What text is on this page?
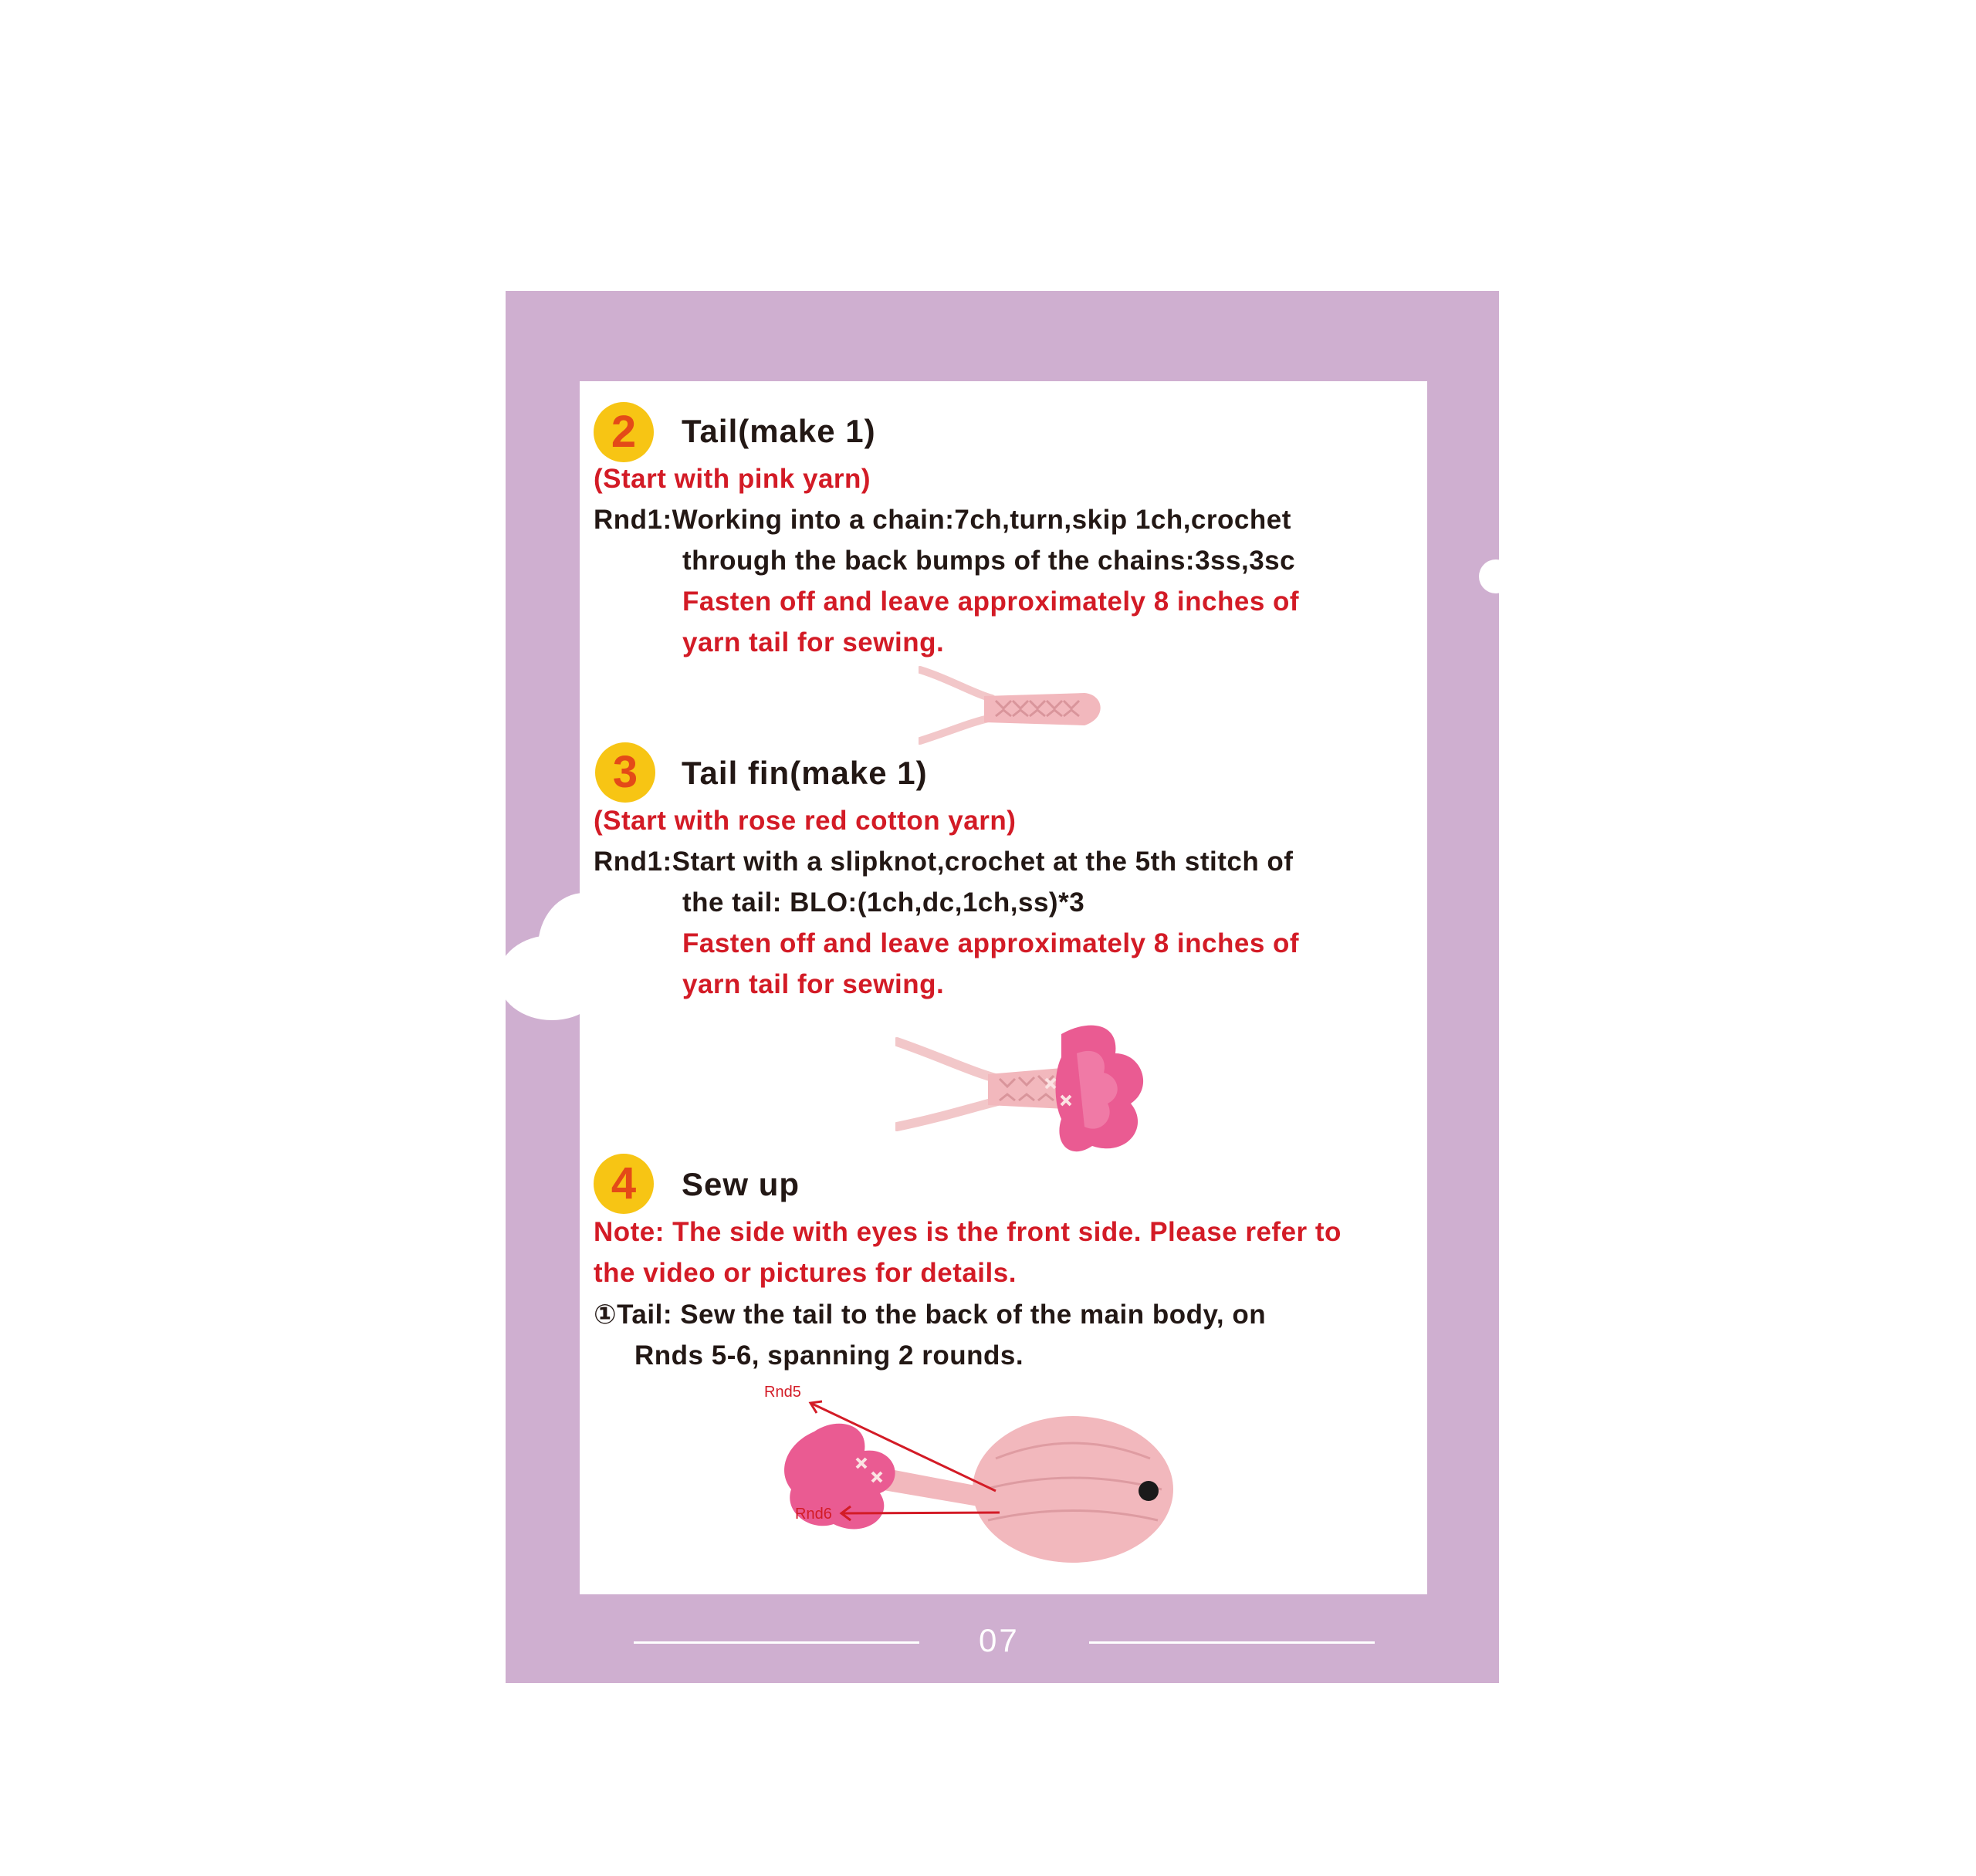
2	Tail(make 1)
(Start with pink yarn)
Rnd1:Working into a chain:7ch,turn,skip 1ch,crochet
through the back bumps of the chains:3ss,3sc
Fasten off and leave approximately 8 inches of
yarn tail for sewing.
3	Tail fin(make 1)
(Start with rose red cotton yarn)
Rnd1:Start with a slipknot,crochet at the 5th stitch of
the tail: BLO:(1ch,dc,1ch,ss)*3
Fasten off and leave approximately 8 inches of
yarn tail for sewing.
4	Sew up
Note: The side with eyes is the front side. Please refer to
the video or pictures for details.
①Tail: Sew the tail to the back of the main body, on
Rnds 5-6, spanning 2 rounds.
Rnd5
Rnd6
07
